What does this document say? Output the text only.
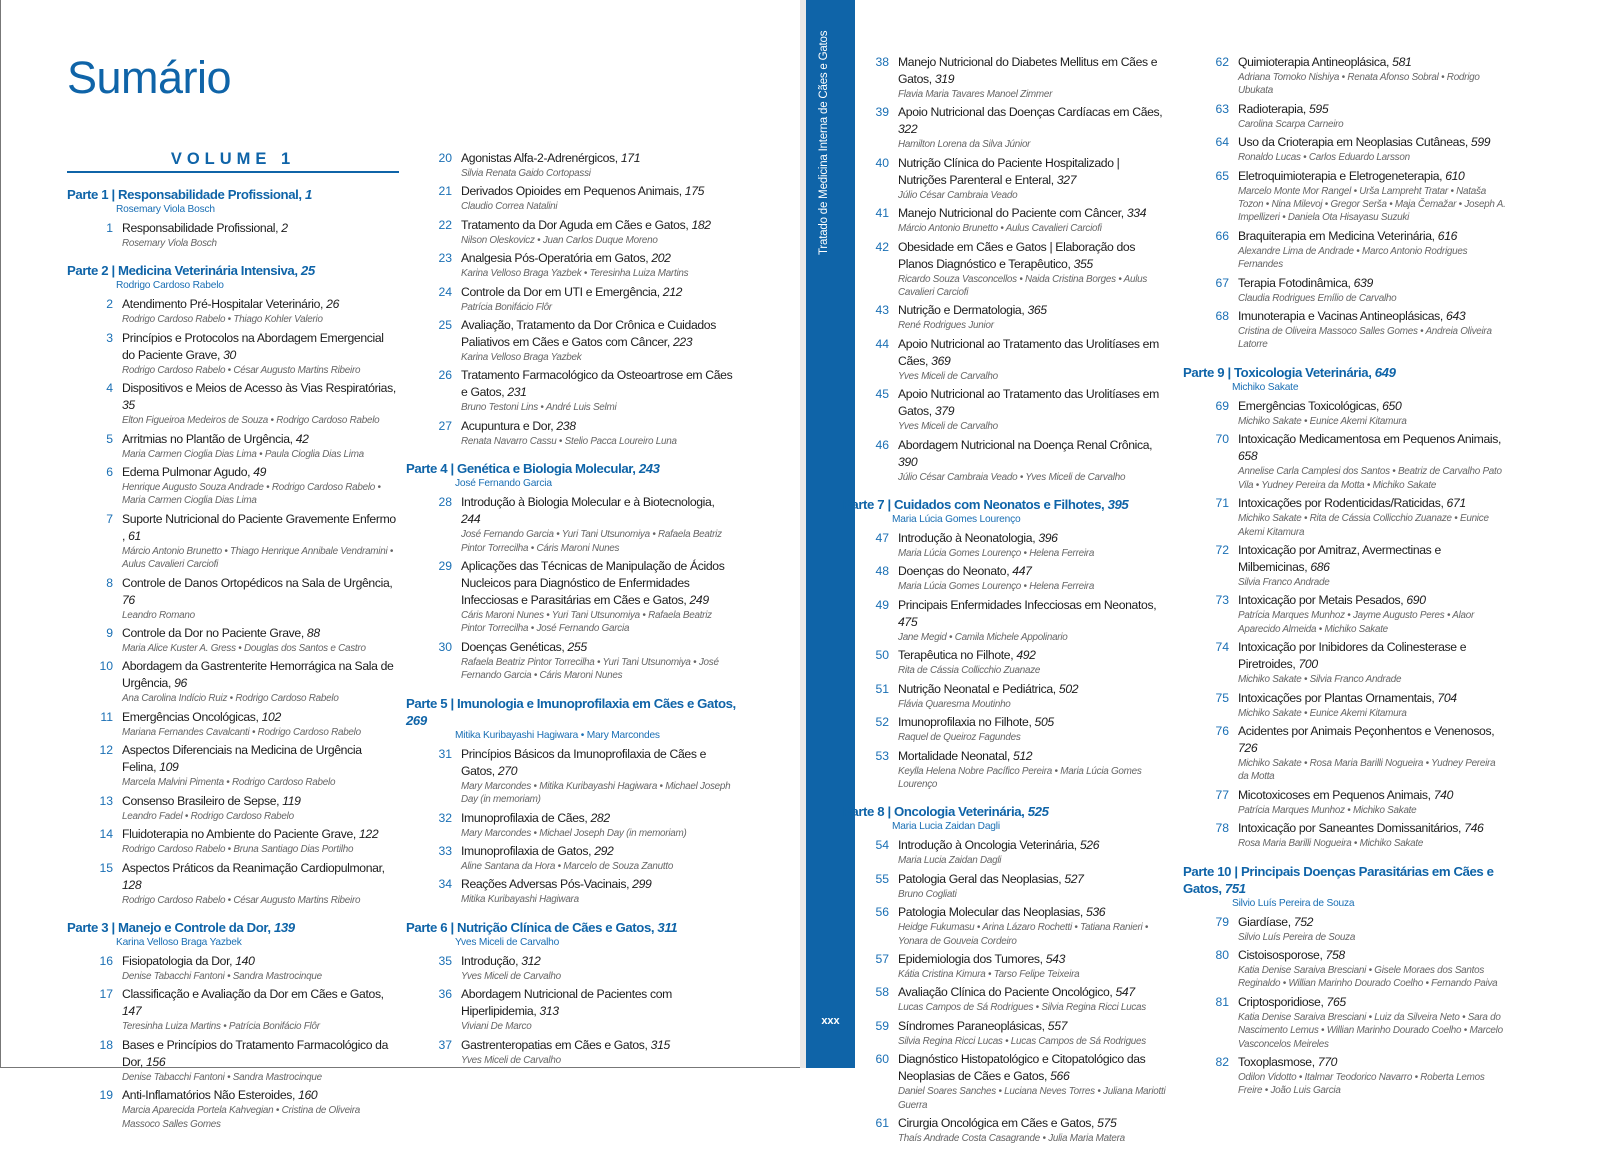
Sumário
VOLUME 1
Parte 1 | Responsabilidade Profissional, 1
Rosemary Viola Bosch
1 Responsabilidade Profissional, 2
Rosemary Viola Bosch
Parte 2 | Medicina Veterinária Intensiva, 25
Rodrigo Cardoso Rabelo
2 Atendimento Pré-Hospitalar Veterinário, 26
Rodrigo Cardoso Rabelo • Thiago Kohler Valerio
3 Princípios e Protocolos na Abordagem Emergencial do Paciente Grave, 30
Rodrigo Cardoso Rabelo • César Augusto Martins Ribeiro
4 Dispositivos e Meios de Acesso às Vias Respiratórias, 35
Elton Figueiroa Medeiros de Souza • Rodrigo Cardoso Rabelo
5 Arritmias no Plantão de Urgência, 42
Maria Carmen Cioglia Dias Lima • Paula Cioglia Dias Lima
6 Edema Pulmonar Agudo, 49
Henrique Augusto Souza Andrade • Rodrigo Cardoso Rabelo • Maria Carmen Cioglia Dias Lima
7 Suporte Nutricional do Paciente Gravemente Enfermo , 61
Márcio Antonio Brunetto • Thiago Henrique Annibale Vendramini • Aulus Cavalieri Carciofi
8 Controle de Danos Ortopédicos na Sala de Urgência, 76
Leandro Romano
9 Controle da Dor no Paciente Grave, 88
Maria Alice Kuster A. Gress • Douglas dos Santos e Castro
10 Abordagem da Gastrenterite Hemorrágica na Sala de Urgência, 96
Ana Carolina Indício Ruiz • Rodrigo Cardoso Rabelo
11 Emergências Oncológicas, 102
Mariana Fernandes Cavalcanti • Rodrigo Cardoso Rabelo
12 Aspectos Diferenciais na Medicina de Urgência Felina, 109
Marcela Malvini Pimenta • Rodrigo Cardoso Rabelo
13 Consenso Brasileiro de Sepse, 119
Leandro Fadel • Rodrigo Cardoso Rabelo
14 Fluidoterapia no Ambiente do Paciente Grave, 122
Rodrigo Cardoso Rabelo • Bruna Santiago Dias Portilho
15 Aspectos Práticos da Reanimação Cardiopulmonar, 128
Rodrigo Cardoso Rabelo • César Augusto Martins Ribeiro
Parte 3 | Manejo e Controle da Dor, 139
Karina Velloso Braga Yazbek
16 Fisiopatologia da Dor, 140
Denise Tabacchi Fantoni • Sandra Mastrocinque
17 Classificação e Avaliação da Dor em Cães e Gatos, 147
Teresinha Luiza Martins • Patrícia Bonifácio Flôr
18 Bases e Princípios do Tratamento Farmacológico da Dor, 156
Denise Tabacchi Fantoni • Sandra Mastrocinque
19 Anti-Inflamatórios Não Esteroides, 160
Marcia Aparecida Portela Kahvegian • Cristina de Oliveira Massoco Salles Gomes
20 Agonistas Alfa-2-Adrenérgicos, 171
Silvia Renata Gaido Cortopassi
21 Derivados Opioides em Pequenos Animais, 175
Claudio Correa Natalini
22 Tratamento da Dor Aguda em Cães e Gatos, 182
Nilson Oleskovicz • Juan Carlos Duque Moreno
23 Analgesia Pós-Operatória em Gatos, 202
Karina Velloso Braga Yazbek • Teresinha Luiza Martins
24 Controle da Dor em UTI e Emergência, 212
Patrícia Bonifácio Flôr
25 Avaliação, Tratamento da Dor Crônica e Cuidados Paliativos em Cães e Gatos com Câncer, 223
Karina Velloso Braga Yazbek
26 Tratamento Farmacológico da Osteoartrose em Cães e Gatos, 231
Bruno Testoni Lins • André Luis Selmi
27 Acupuntura e Dor, 238
Renata Navarro Cassu • Stelio Pacca Loureiro Luna
Parte 4 | Genética e Biologia Molecular, 243
José Fernando Garcia
28 Introdução à Biologia Molecular e à Biotecnologia, 244
José Fernando Garcia • Yuri Tani Utsunomiya • Rafaela Beatriz Pintor Torrecilha • Cáris Maroni Nunes
29 Aplicações das Técnicas de Manipulação de Ácidos Nucleicos para Diagnóstico de Enfermidades Infecciosas e Parasitárias em Cães e Gatos, 249
Cáris Maroni Nunes • Yuri Tani Utsunomiya • Rafaela Beatriz Pintor Torrecilha • José Fernando Garcia
30 Doenças Genéticas, 255
Rafaela Beatriz Pintor Torrecilha • Yuri Tani Utsunomiya • José Fernando Garcia • Cáris Maroni Nunes
Parte 5 | Imunologia e Imunoprofilaxia em Cães e Gatos, 269
Mitika Kuribayashi Hagiwara • Mary Marcondes
31 Princípios Básicos da Imunoprofilaxia de Cães e Gatos, 270
Mary Marcondes • Mitika Kuribayashi Hagiwara • Michael Joseph Day (in memoriam)
32 Imunoprofilaxia de Cães, 282
Mary Marcondes • Michael Joseph Day (in memoriam)
33 Imunoprofilaxia de Gatos, 292
Aline Santana da Hora • Marcelo de Souza Zanutto
34 Reações Adversas Pós-Vacinais, 299
Mitika Kuribayashi Hagiwara
Parte 6 | Nutrição Clínica de Cães e Gatos, 311
Yves Miceli de Carvalho
35 Introdução, 312
Yves Miceli de Carvalho
36 Abordagem Nutricional de Pacientes com Hiperlipidemia, 313
Viviani De Marco
37 Gastrenteropatias em Cães e Gatos, 315
Yves Miceli de Carvalho
Tratado de Medicina Interna de Cães e Gatos
xxx
38 Manejo Nutricional do Diabetes Mellitus em Cães e Gatos, 319
Flavia Maria Tavares Manoel Zimmer
39 Apoio Nutricional das Doenças Cardíacas em Cães, 322
Hamilton Lorena da Silva Júnior
40 Nutrição Clínica do Paciente Hospitalizado | Nutrições Parenteral e Enteral, 327
Júlio César Cambraia Veado
41 Manejo Nutricional do Paciente com Câncer, 334
Márcio Antonio Brunetto • Aulus Cavalieri Carciofi
42 Obesidade em Cães e Gatos | Elaboração dos Planos Diagnóstico e Terapêutico, 355
Ricardo Souza Vasconcellos • Naida Cristina Borges • Aulus Cavalieri Carciofi
43 Nutrição e Dermatologia, 365
René Rodrigues Junior
44 Apoio Nutricional ao Tratamento das Urolitíases em Cães, 369
Yves Miceli de Carvalho
45 Apoio Nutricional ao Tratamento das Urolitíases em Gatos, 379
Yves Miceli de Carvalho
46 Abordagem Nutricional na Doença Renal Crônica, 390
Júlio César Cambraia Veado • Yves Miceli de Carvalho
Parte 7 | Cuidados com Neonatos e Filhotes, 395
Maria Lúcia Gomes Lourenço
47 Introdução à Neonatologia, 396
Maria Lúcia Gomes Lourenço • Helena Ferreira
48 Doenças do Neonato, 447
Maria Lúcia Gomes Lourenço • Helena Ferreira
49 Principais Enfermidades Infecciosas em Neonatos, 475
Jane Megid • Camila Michele Appolinario
50 Terapêutica no Filhote, 492
Rita de Cássia Collicchio Zuanaze
51 Nutrição Neonatal e Pediátrica, 502
Flávia Quaresma Moutinho
52 Imunoprofilaxia no Filhote, 505
Raquel de Queiroz Fagundes
53 Mortalidade Neonatal, 512
Keylla Helena Nobre Pacífico Pereira • Maria Lúcia Gomes Lourenço
Parte 8 | Oncologia Veterinária, 525
Maria Lucia Zaidan Dagli
54 Introdução à Oncologia Veterinária, 526
Maria Lucia Zaidan Dagli
55 Patologia Geral das Neoplasias, 527
Bruno Cogliati
56 Patologia Molecular das Neoplasias, 536
Heidge Fukumasu • Arina Lázaro Rochetti • Tatiana Ranieri • Yonara de Gouveia Cordeiro
57 Epidemiologia dos Tumores, 543
Kátia Cristina Kimura • Tarso Felipe Teixeira
58 Avaliação Clínica do Paciente Oncológico, 547
Lucas Campos de Sá Rodrigues • Silvia Regina Ricci Lucas
59 Síndromes Paraneoplásicas, 557
Silvia Regina Ricci Lucas • Lucas Campos de Sá Rodrigues
60 Diagnóstico Histopatológico e Citopatológico das Neoplasias de Cães e Gatos, 566
Daniel Soares Sanches • Luciana Neves Torres • Juliana Mariotti Guerra
61 Cirurgia Oncológica em Cães e Gatos, 575
Thaís Andrade Costa Casagrande • Julia Maria Matera
62 Quimioterapia Antineoplásica, 581
Adriana Tomoko Nishiya • Renata Afonso Sobral • Rodrigo Ubukata
63 Radioterapia, 595
Carolina Scarpa Carneiro
64 Uso da Crioterapia em Neoplasias Cutâneas, 599
Ronaldo Lucas • Carlos Eduardo Larsson
65 Eletroquimioterapia e Eletrogeneterapia, 610
Marcelo Monte Mor Rangel • Urša Lampreht Tratar • Nataša Tozon • Nina Milevoj • Gregor Serša • Maja Čemažar • Joseph A. Impellizeri • Daniela Ota Hisayasu Suzuki
66 Braquiterapia em Medicina Veterinária, 616
Alexandre Lima de Andrade • Marco Antonio Rodrigues Fernandes
67 Terapia Fotodinâmica, 639
Claudia Rodrigues Emílio de Carvalho
68 Imunoterapia e Vacinas Antineoplásicas, 643
Cristina de Oliveira Massoco Salles Gomes • Andreia Oliveira Latorre
Parte 9 | Toxicologia Veterinária, 649
Michiko Sakate
69 Emergências Toxicológicas, 650
Michiko Sakate • Eunice Akemi Kitamura
70 Intoxicação Medicamentosa em Pequenos Animais, 658
Annelise Carla Camplesi dos Santos • Beatriz de Carvalho Pato Vila • Yudney Pereira da Motta • Michiko Sakate
71 Intoxicações por Rodenticidas/Raticidas, 671
Michiko Sakate • Rita de Cássia Collicchio Zuanaze • Eunice Akemi Kitamura
72 Intoxicação por Amitraz, Avermectinas e Milbemicinas, 686
Silvia Franco Andrade
73 Intoxicação por Metais Pesados, 690
Patrícia Marques Munhoz • Jayme Augusto Peres • Alaor Aparecido Almeida • Michiko Sakate
74 Intoxicação por Inibidores da Colinesterase e Piretroides, 700
Michiko Sakate • Silvia Franco Andrade
75 Intoxicações por Plantas Ornamentais, 704
Michiko Sakate • Eunice Akemi Kitamura
76 Acidentes por Animais Peçonhentos e Venenosos, 726
Michiko Sakate • Rosa Maria Barilli Nogueira • Yudney Pereira da Motta
77 Micotoxicoses em Pequenos Animais, 740
Patrícia Marques Munhoz • Michiko Sakate
78 Intoxicação por Saneantes Domissanitários, 746
Rosa Maria Barilli Nogueira • Michiko Sakate
Parte 10 | Principais Doenças Parasitárias em Cães e Gatos, 751
Silvio Luís Pereira de Souza
79 Giardíase, 752
Silvio Luís Pereira de Souza
80 Cistoisosporose, 758
Katia Denise Saraiva Bresciani • Gisele Moraes dos Santos Reginaldo • Willian Marinho Dourado Coelho • Fernando Paiva
81 Criptosporidiose, 765
Katia Denise Saraiva Bresciani • Luiz da Silveira Neto • Sara do Nascimento Lemus • Willian Marinho Dourado Coelho • Marcelo Vasconcelos Meireles
82 Toxoplasmose, 770
Odilon Vidotto • Italmar Teodorico Navarro • Roberta Lemos Freire • João Luis Garcia
